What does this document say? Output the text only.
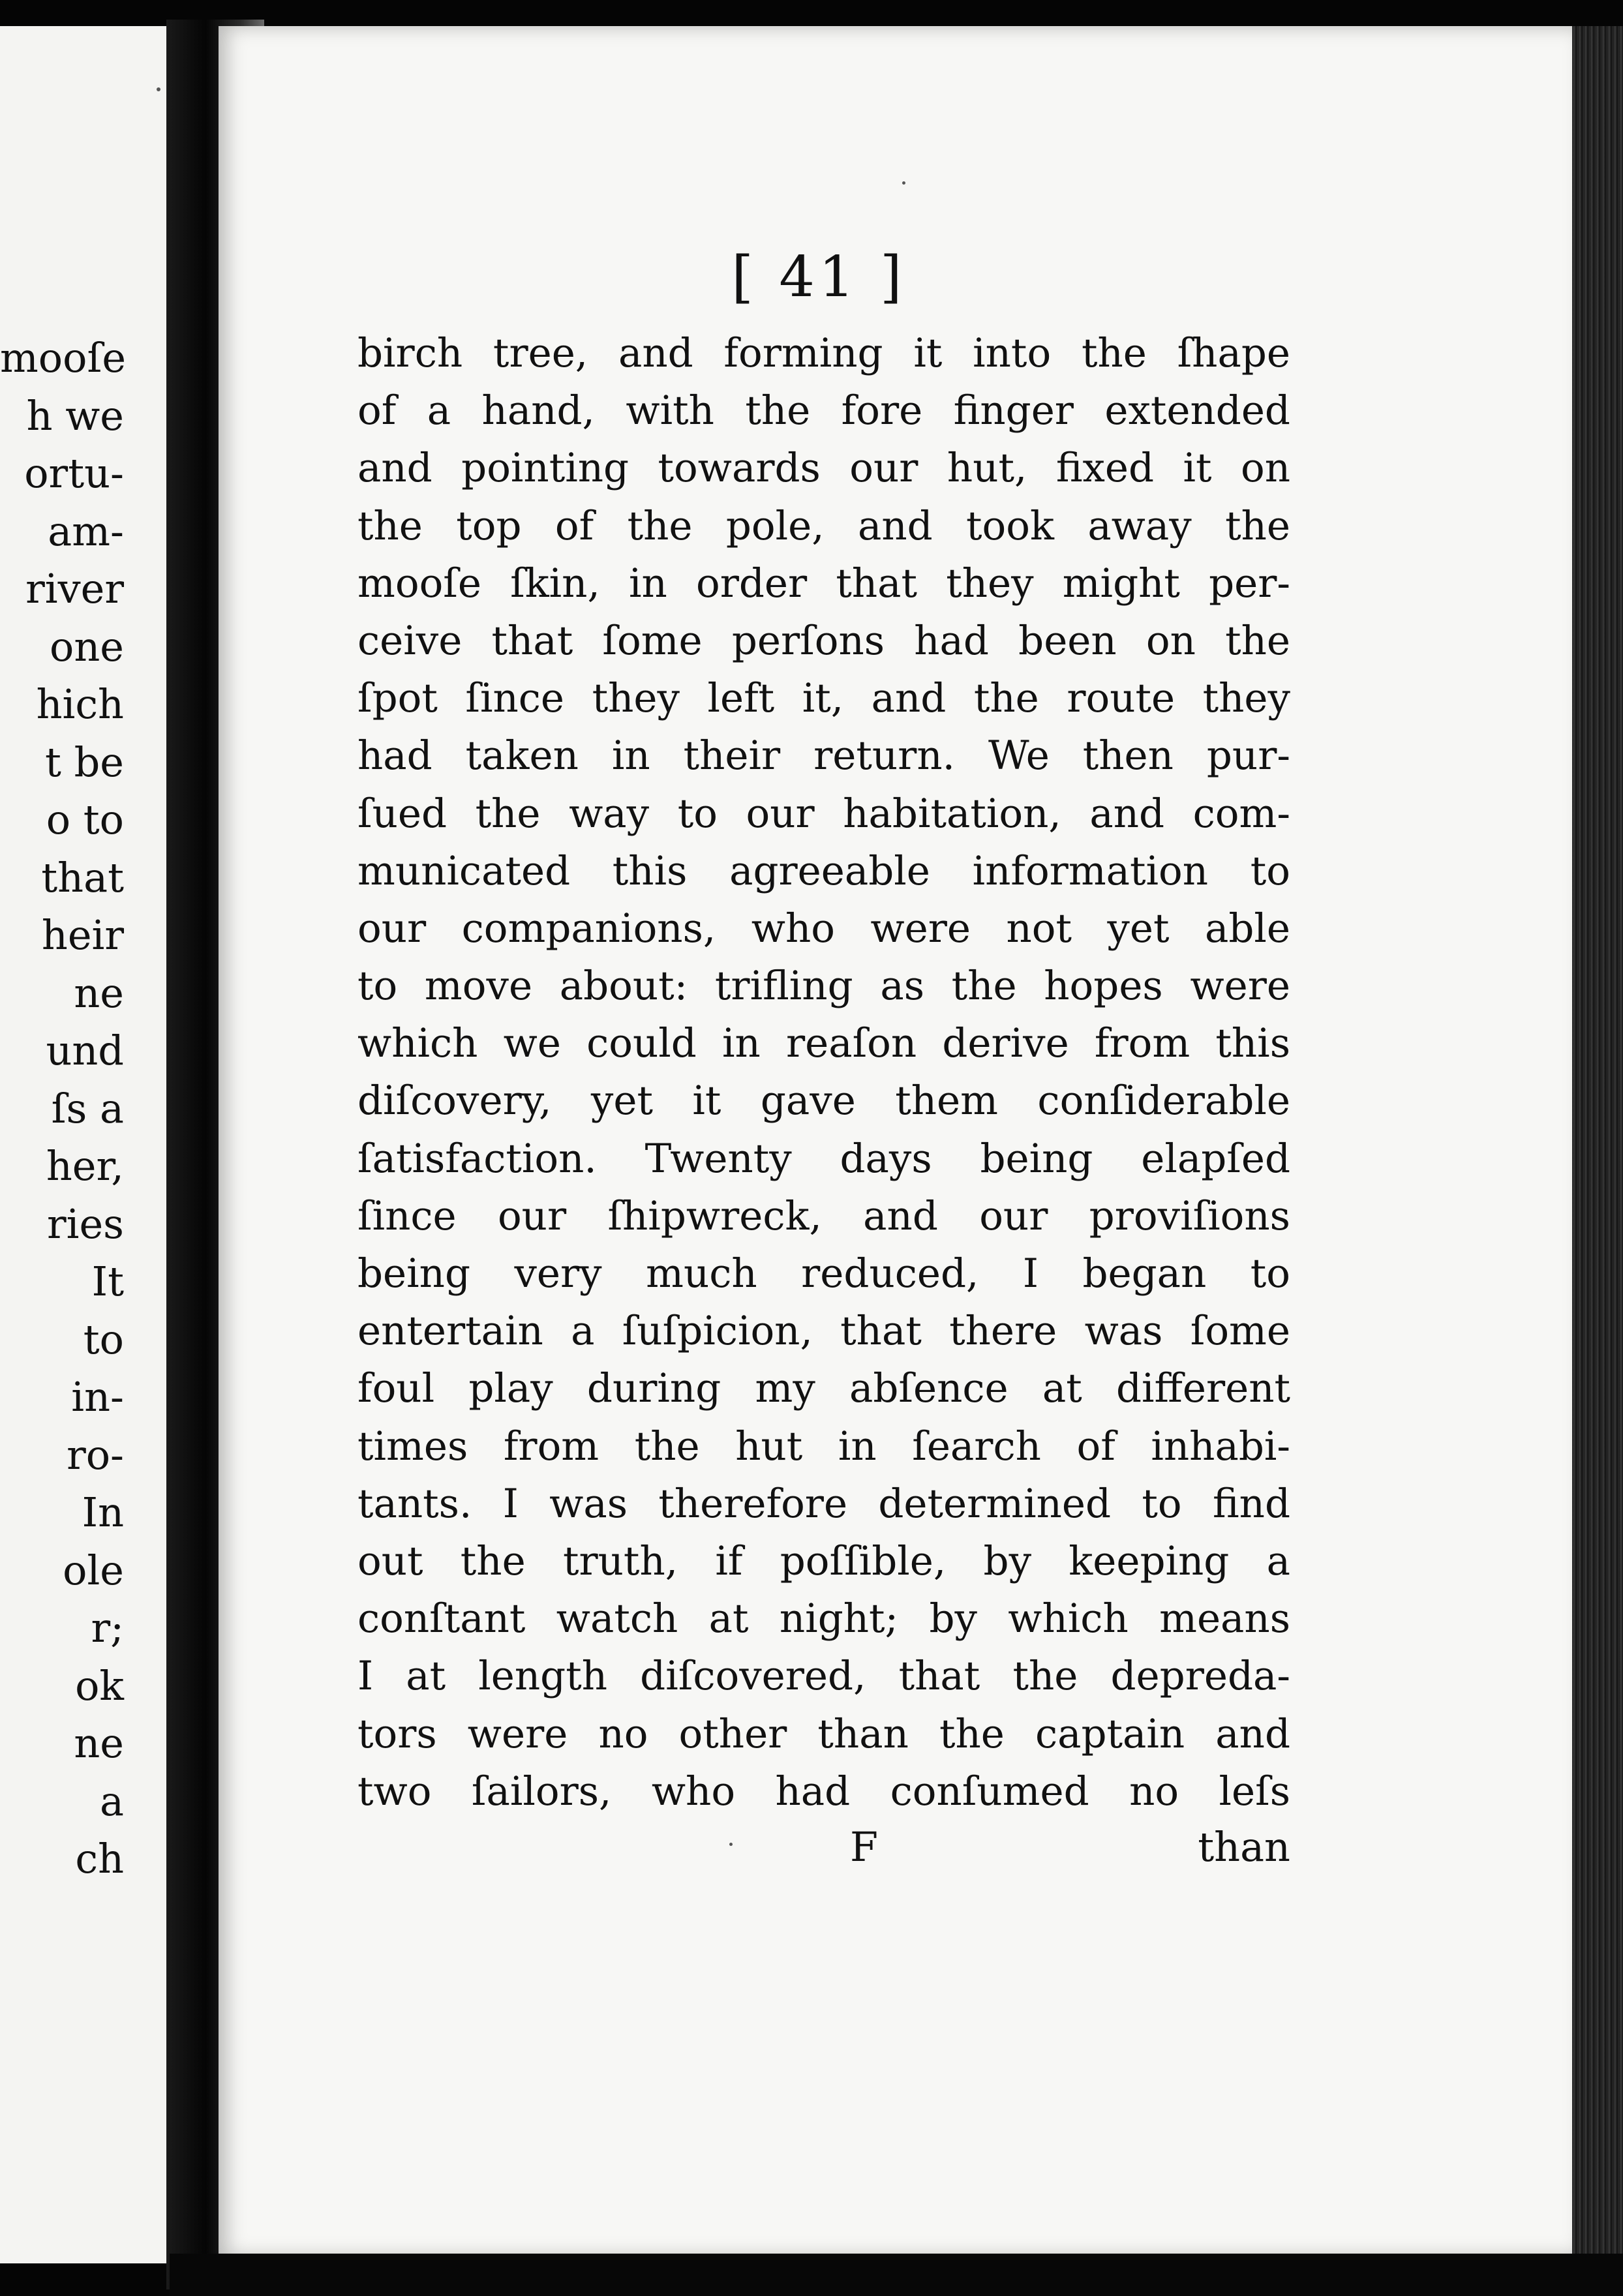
mooſe
h we
ortu-
am-
river
one
hich
t be
o to
that
heir
ne
und
ſs a
her,
ries
It
to
in-
ro-
In
ole
r;
ok
ne
a
ch
[ 41 ]
birch tree, and forming it into the ſhape
of a hand, with the fore finger extended
and pointing towards our hut, fixed it on
the top of the pole, and took away the
mooſe ſkin, in order that they might per-
ceive that ſome perſons had been on the
ſpot ſince they left it, and the route they
had taken in their return. We then pur-
ſued the way to our habitation, and com-
municated this agreeable information to
our companions, who were not yet able
to move about: trifling as the hopes were
which we could in reaſon derive from this
diſcovery, yet it gave them conſiderable
ſatisfaction. Twenty days being elapſed
ſince our ſhipwreck, and our proviſions
being very much reduced, I began to
entertain a ſuſpicion, that there was ſome
foul play during my abſence at different
times from the hut in ſearch of inhabi-
tants. I was therefore determined to find
out the truth, if poſſible, by keeping a
conſtant watch at night; by which means
I at length diſcovered, that the depreda-
tors were no other than the captain and
two ſailors, who had conſumed no leſs
F	than
